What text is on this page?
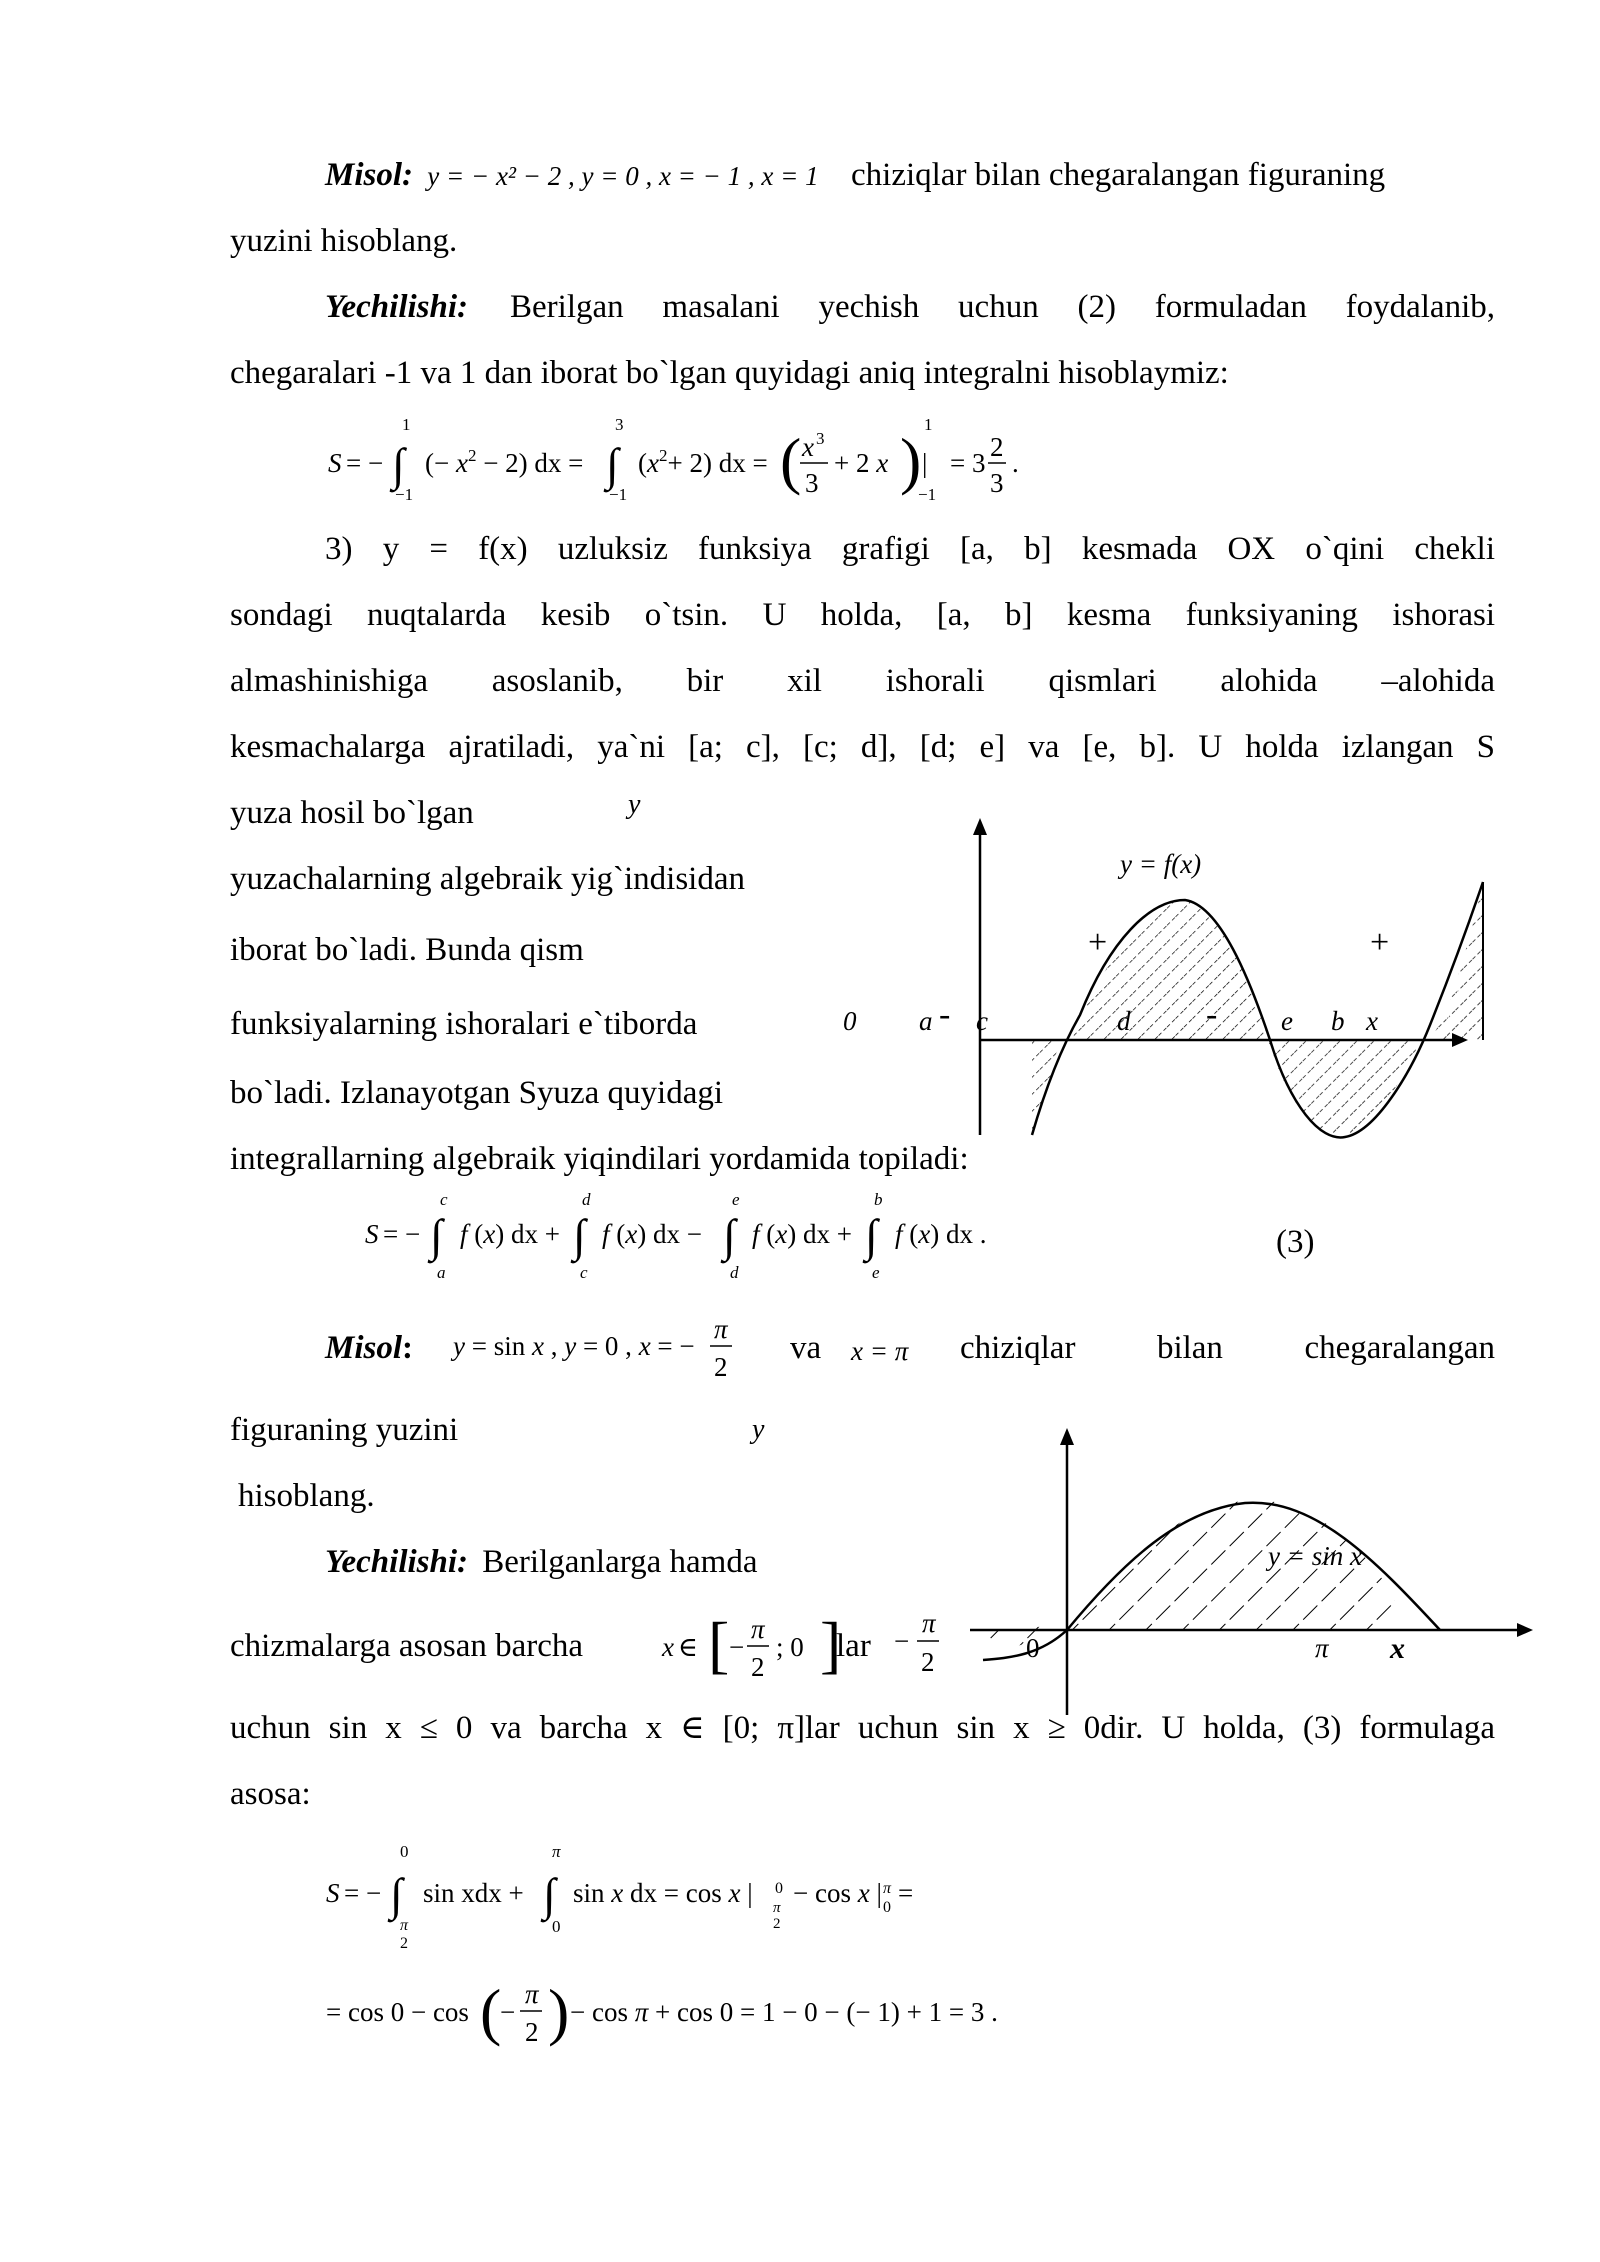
Misol: y = − x² − 2 , y = 0 , x = − 1 , x = 1 chiziqlar bilan chegaralangan figuraning
yuzini hisoblang.
Yechilishi: Berilgan masalani yechish uchun (2) formuladan foydalanib,
chegaralari -1 va 1 dan iborat bo`lgan quyidagi aniq integralni hisoblaymiz:
S = − ∫
1
−1
(− $x^2 - 2$) dx = ∫
3
−1
$(x^2+ 2)$ dx = ( x 3
3
+ 2 x ) |
1
−1
= 3
2
3
.
3) y = f(x) uzluksiz funksiya grafigi [a, b] kesmada OX o`qini chekli
sondagi nuqtalarda kesib o`tsin. U holda, [a, b] kesma funksiyaning ishorasi
almashinishiga asoslanib, bir xil ishorali qismlari alohida –alohida
kesmachalarga ajratiladi, ya`ni [a; c], [c; d], [d; e] va [e, b]. U holda izlangan S
yuza hosil bo`lgan
yuzachalarning algebraik yig`indisidan
iborat bo`ladi. Bunda qism
funksiyalarning ishoralari e`tiborda
bo`ladi. Izlanayotgan Syuza quyidagi
integrallarning algebraik yiqindilari yordamida topiladi:
y
y = f(x)
+	+
-	-
0 a c	d	e b x
S = − ∫
c
a
f (x) dx + ∫
d
c
f (x) dx − ∫
e
d
f (x) dx + ∫
b
e
f (x) dx .	(3)
Misol: y = sin x , y = 0 , x = −
π
2
va x = π chiziqlar bilan chegaralangan
figuraning yuzini
hisoblang.
Yechilishi: Berilganlarga hamda
chizmalarga asosan barcha	x ∈ [ −
π
2
; 0 ]
lar
y
y = sin x
0	π x
−
π
2
uchun sin x ≤ 0 va barcha x ∈ [0; π]lar uchun sin x ≥ 0dir. U holda, (3) formulaga
asosa:
S = − ∫
0
π
2
sin xdx + ∫
π
0
sin x dx = cos x | 0
π
2
− cos x | π
0 =
= cos 0 − cos (
−
π
2 ) − cos π + cos 0 = 1 − 0 − (− 1) + 1 = 3 .
